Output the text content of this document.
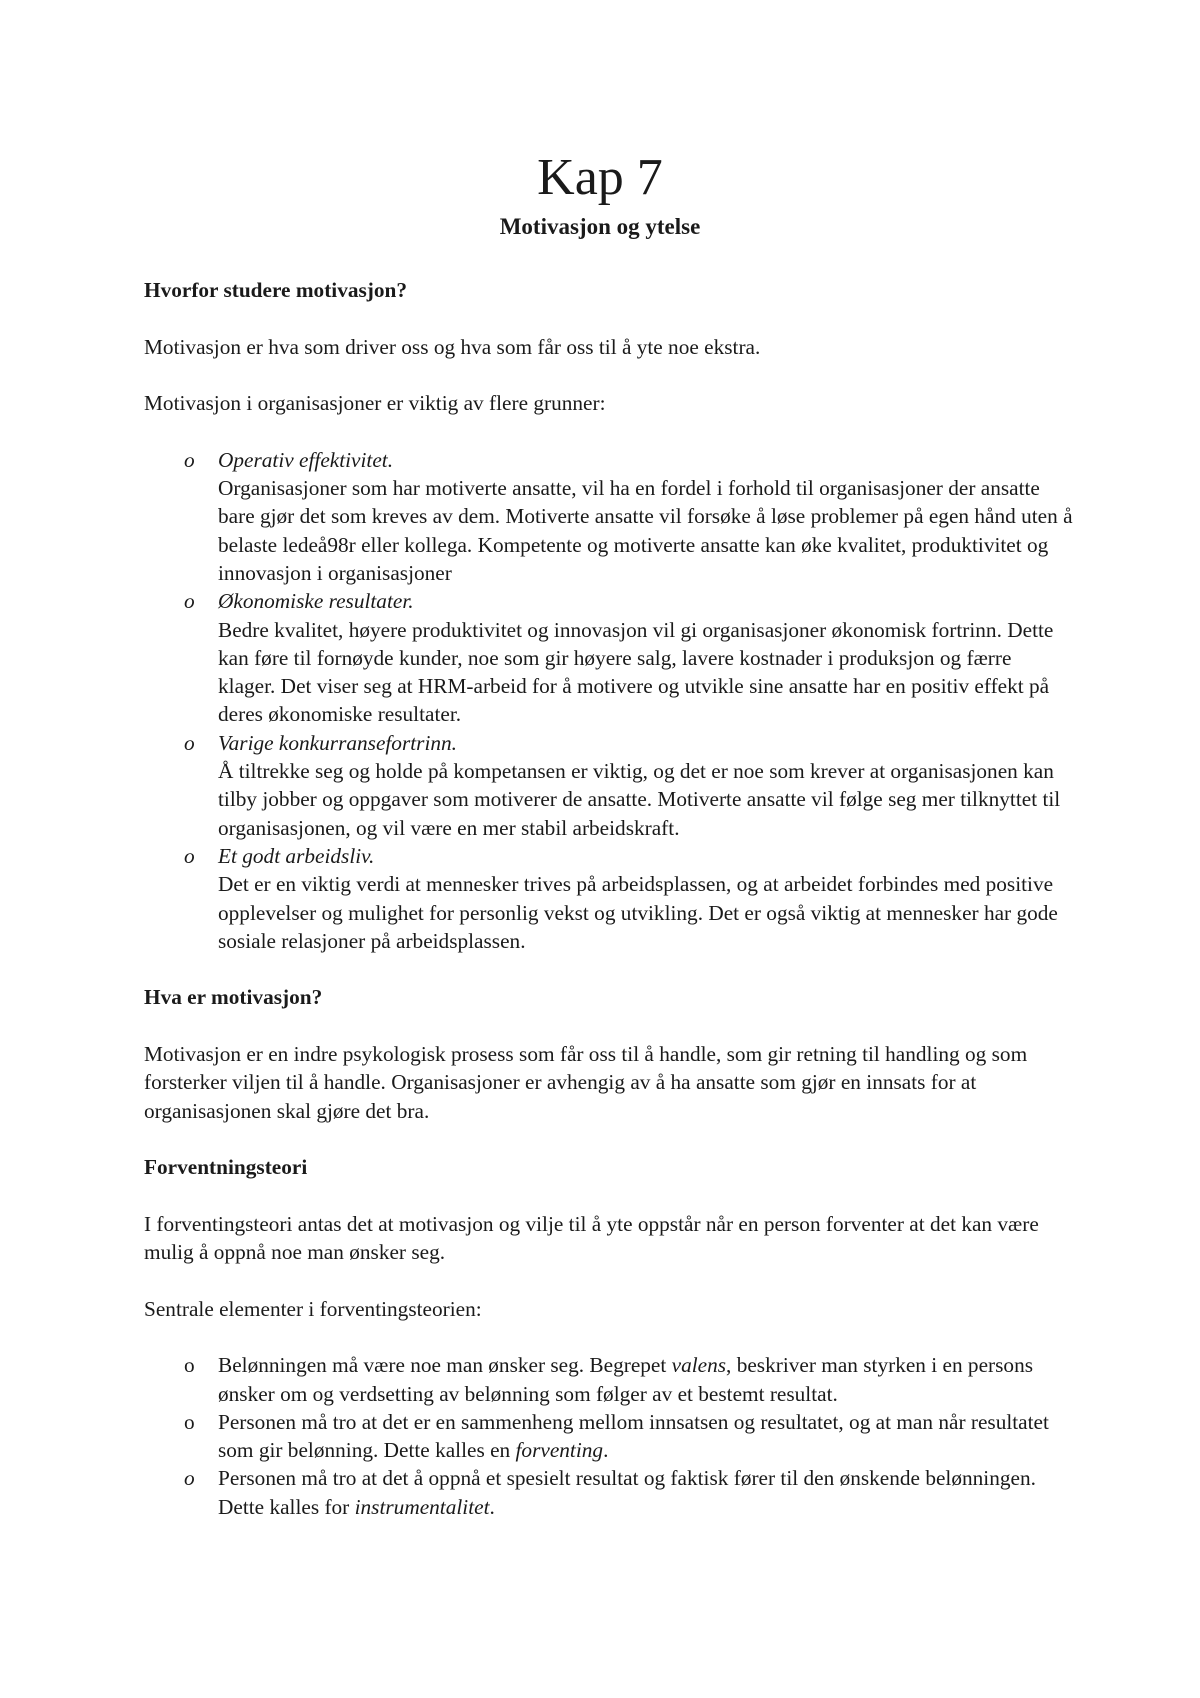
Kap 7
Motivasjon og ytelse
Hvorfor studere motivasjon?

Motivasjon er hva som driver oss og hva som får oss til å yte noe ekstra.

Motivasjon i organisasjoner er viktig av flere grunner:

o Operativ effektivitet.
Organisasjoner som har motiverte ansatte, vil ha en fordel i forhold til organisasjoner der ansatte bare gjør det som kreves av dem. Motiverte ansatte vil forsøke å løse problemer på egen hånd uten å belaste ledeå98r eller kollega. Kompetente og motiverte ansatte kan øke kvalitet, produktivitet og innovasjon i organisasjoner
o Økonomiske resultater.
Bedre kvalitet, høyere produktivitet og innovasjon vil gi organisasjoner økonomisk fortrinn. Dette kan føre til fornøyde kunder, noe som gir høyere salg, lavere kostnader i produksjon og færre klager. Det viser seg at HRM-arbeid for å motivere og utvikle sine ansatte har en positiv effekt på deres økonomiske resultater.
o Varige konkurransefortrinn.
Å tiltrekke seg og holde på kompetansen er viktig, og det er noe som krever at organisasjonen kan tilby jobber og oppgaver som motiverer de ansatte. Motiverte ansatte vil følge seg mer tilknyttet til organisasjonen, og vil være en mer stabil arbeidskraft.
o Et godt arbeidsliv.
Det er en viktig verdi at mennesker trives på arbeidsplassen, og at arbeidet forbindes med positive opplevelser og mulighet for personlig vekst og utvikling. Det er også viktig at mennesker har gode sosiale relasjoner på arbeidsplassen.
Hva er motivasjon?

Motivasjon er en indre psykologisk prosess som får oss til å handle, som gir retning til handling og som forsterker viljen til å handle. Organisasjoner er avhengig av å ha ansatte som gjør en innsats for at organisasjonen skal gjøre det bra.

Forventningsteori

I forventingsteori antas det at motivasjon og vilje til å yte oppstår når en person forventer at det kan være mulig å oppnå noe man ønsker seg.

Sentrale elementer i forventingsteorien:

o Belønningen må være noe man ønsker seg. Begrepet valens, beskriver man styrken i en persons ønsker om og verdsetting av belønning som følger av et bestemt resultat.
o Personen må tro at det er en sammenheng mellom innsatsen og resultatet, og at man når resultatet som gir belønning. Dette kalles en forventing.
o Personen må tro at det å oppnå et spesielt resultat og faktisk fører til den ønskende belønningen. Dette kalles for instrumentalitet.
